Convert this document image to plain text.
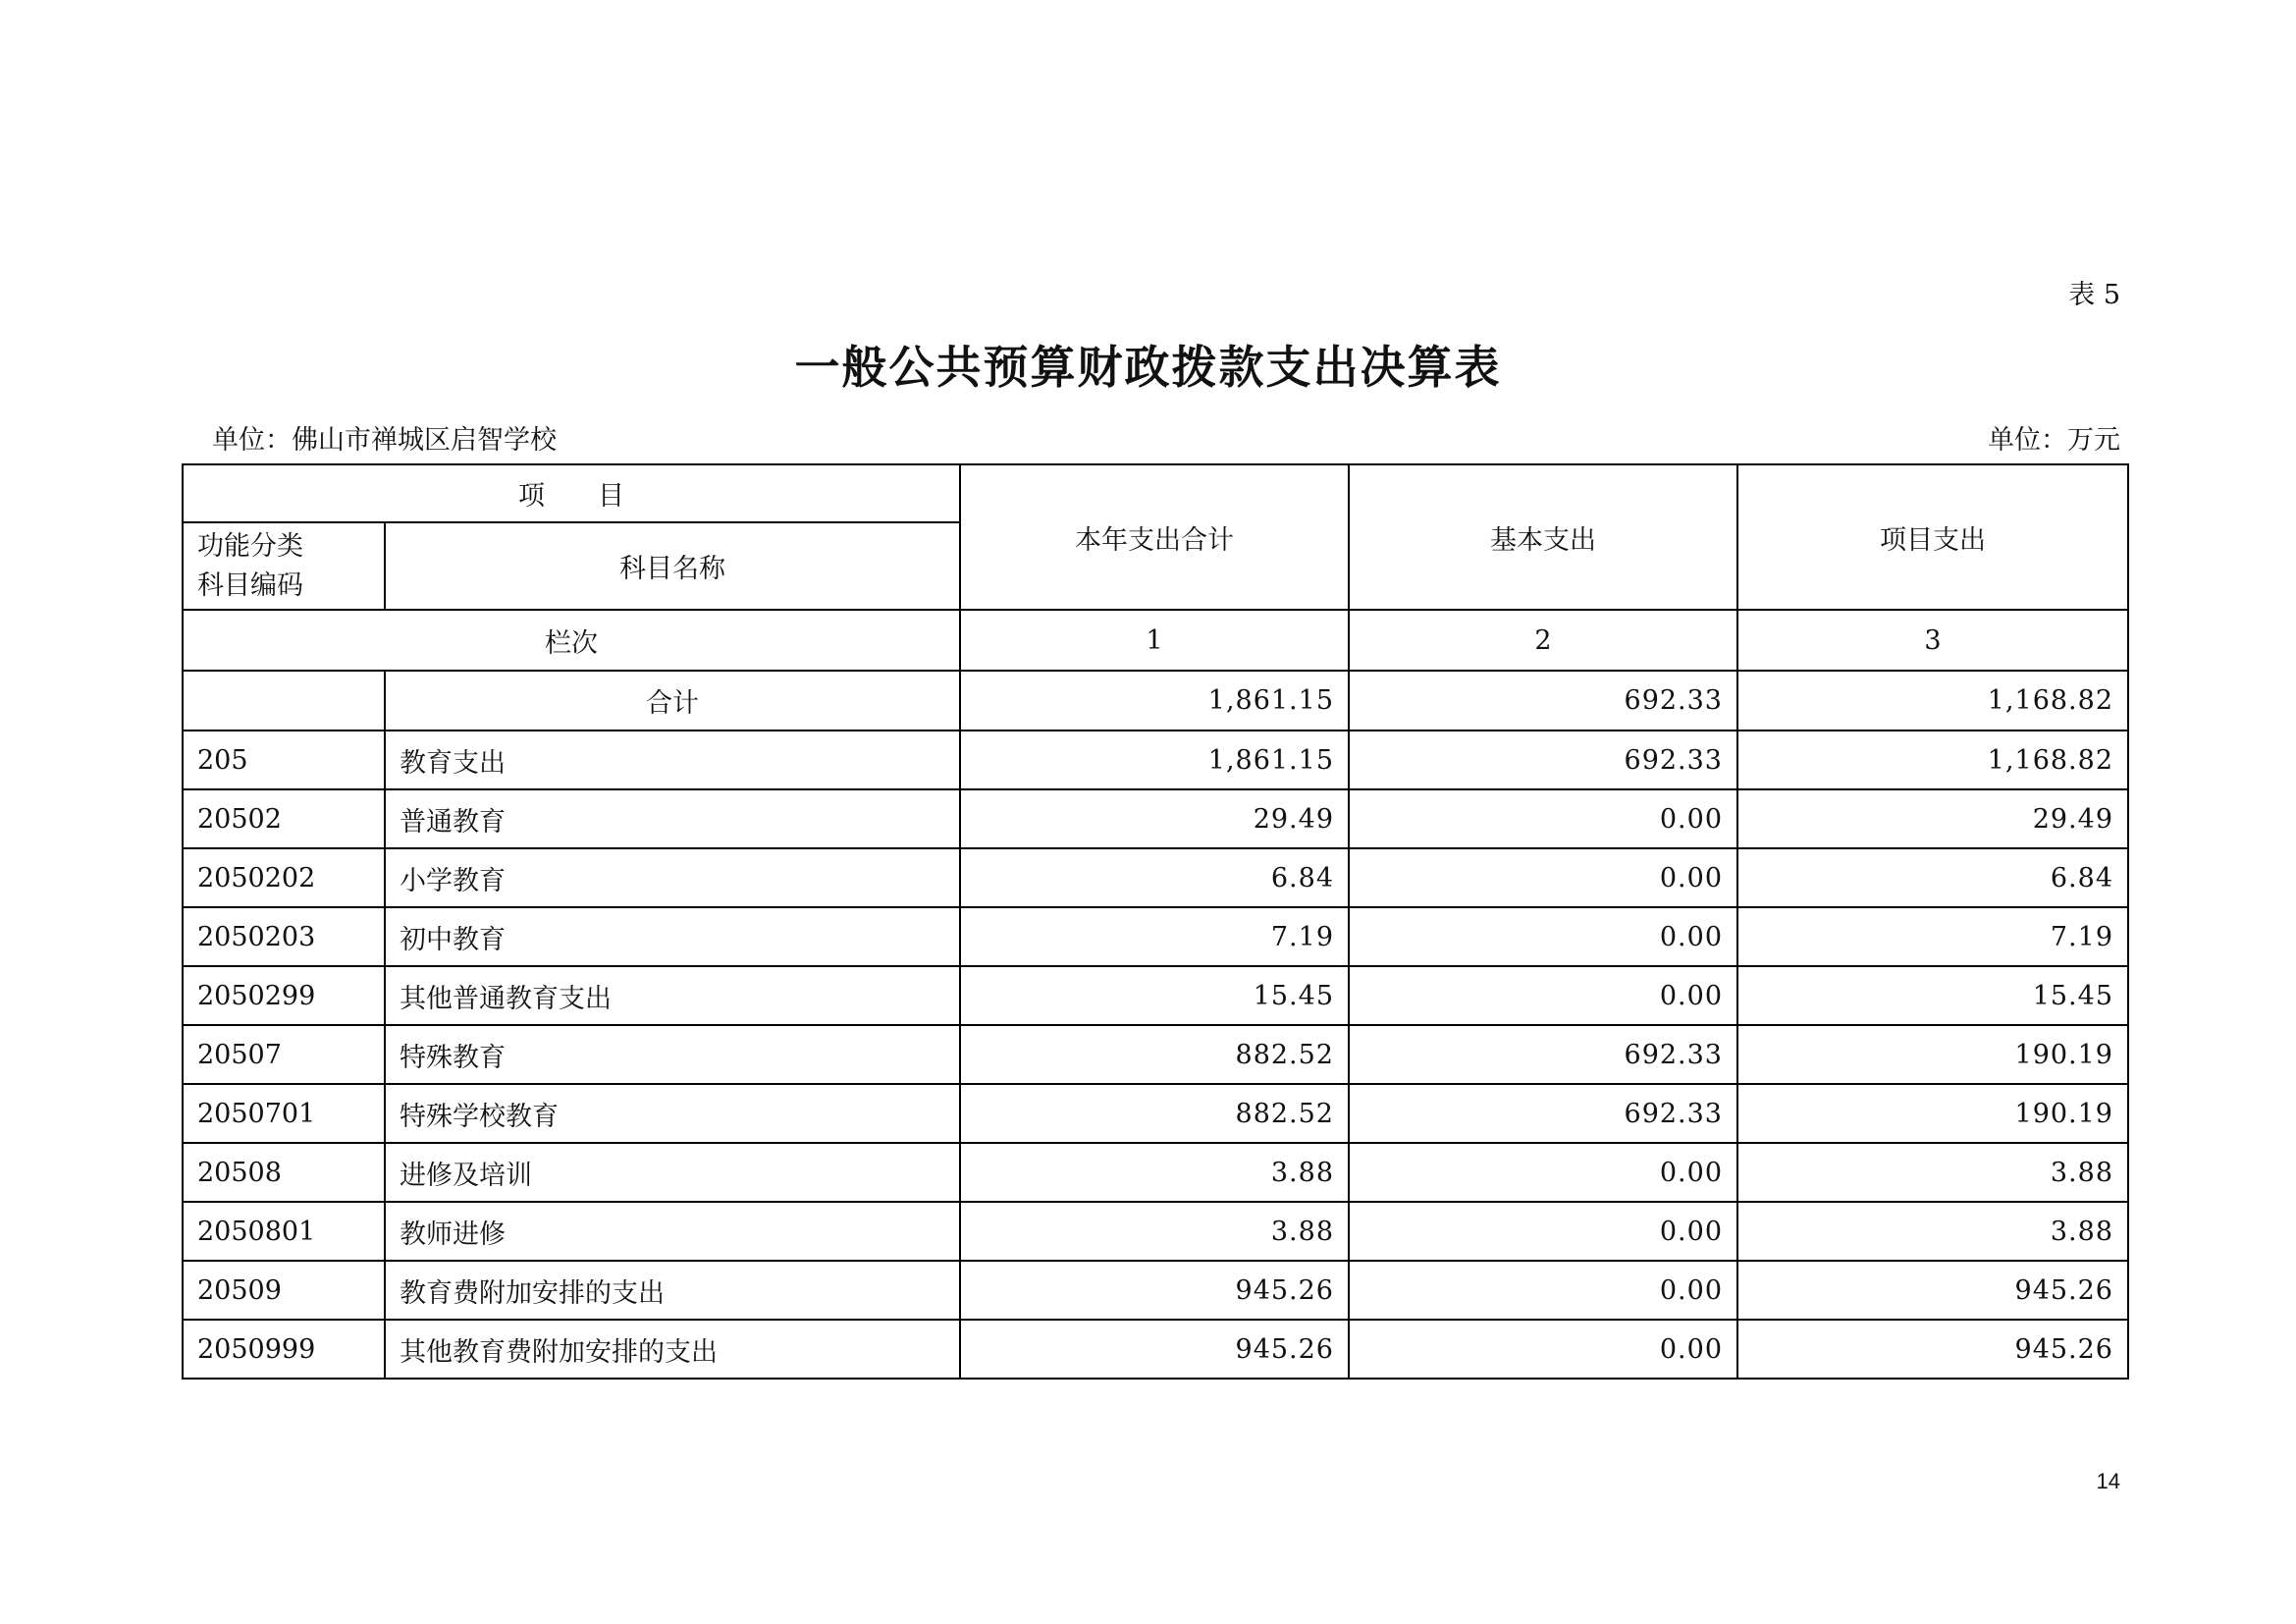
表 5
一般公共预算财政拨款支出决算表
单位：佛山市禅城区启智学校	单位：万元
项　　目		本年支出合计	基本支出	项目支出

功能分类
科目编码	科目名称			
栏次		1	2	3
	合计	1,861.15	692.33	1,168.82
205	教育支出	1,861.15	692.33	1,168.82
20502	普通教育	29.49	0.00	29.49
2050202	小学教育	6.84	0.00	6.84
2050203	初中教育	7.19	0.00	7.19
2050299	其他普通教育支出	15.45	0.00	15.45
20507	特殊教育	882.52	692.33	190.19
2050701	特殊学校教育	882.52	692.33	190.19
20508	进修及培训	3.88	0.00	3.88
2050801	教师进修	3.88	0.00	3.88
20509	教育费附加安排的支出	945.26	0.00	945.26
2050999	其他教育费附加安排的支出	945.26	0.00	945.26
14
